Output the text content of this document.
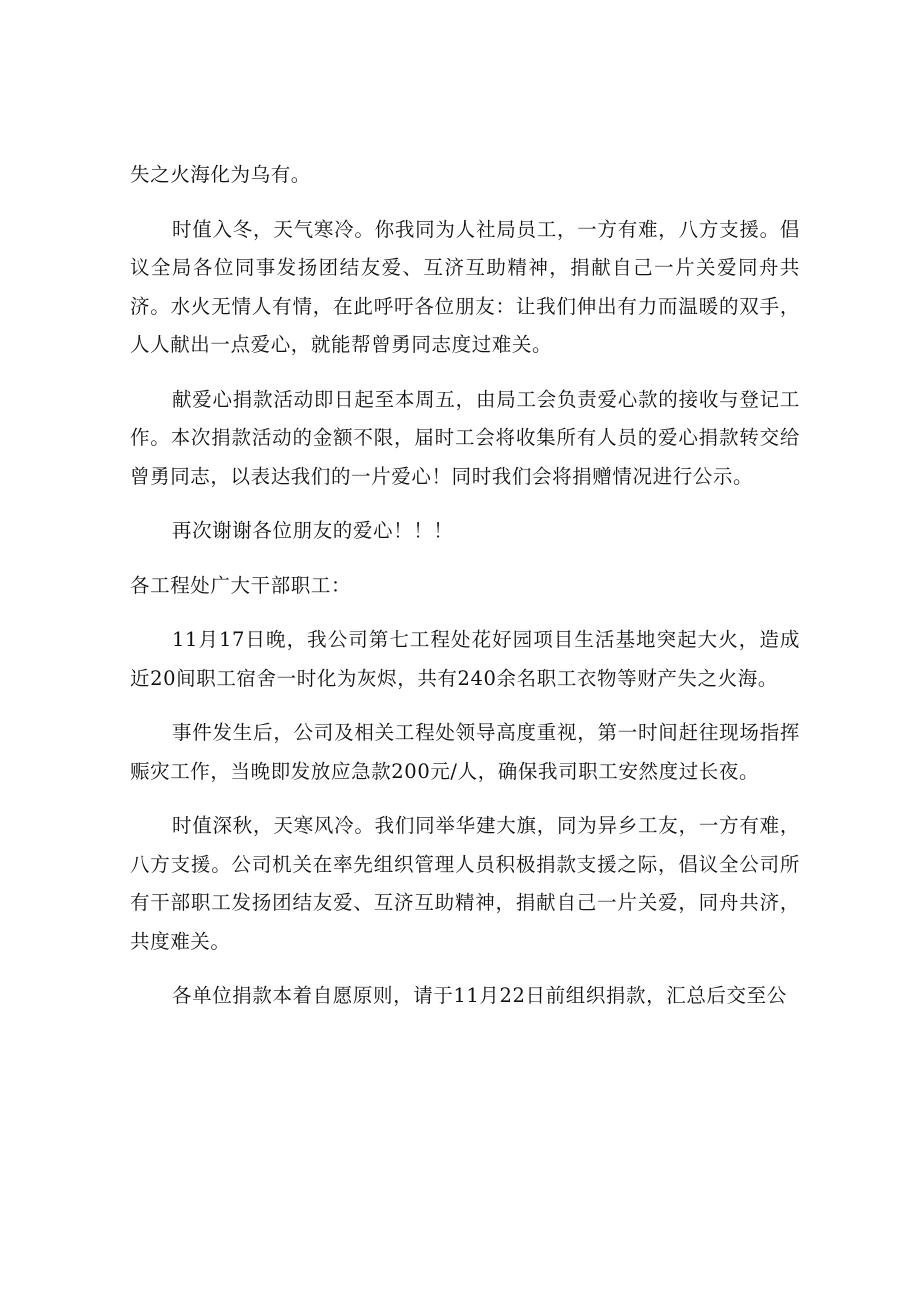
失之火海化为乌有。

时值入冬，天气寒冷。你我同为人社局员工，一方有难，八方支援。倡议全局各位同事发扬团结友爱、互济互助精神，捐献自己一片关爱同舟共济。水火无情人有情，在此呼吁各位朋友：让我们伸出有力而温暖的双手，人人献出一点爱心，就能帮曾勇同志度过难关。

献爱心捐款活动即日起至本周五，由局工会负责爱心款的接收与登记工作。本次捐款活动的金额不限，届时工会将收集所有人员的爱心捐款转交给曾勇同志，以表达我们的一片爱心！同时我们会将捐赠情况进行公示。

再次谢谢各位朋友的爱心！！！

各工程处广大干部职工：

11月17日晚，我公司第七工程处花好园项目生活基地突起大火，造成近20间职工宿舍一时化为灰烬，共有240余名职工衣物等财产失之火海。

事件发生后，公司及相关工程处领导高度重视，第一时间赶往现场指挥赈灾工作，当晚即发放应急款200元/人，确保我司职工安然度过长夜。

时值深秋，天寒风冷。我们同举华建大旗，同为异乡工友，一方有难，八方支援。公司机关在率先组织管理人员积极捐款支援之际，倡议全公司所有干部职工发扬团结友爱、互济互助精神，捐献自己一片关爱，同舟共济，共度难关。

各单位捐款本着自愿原则，请于11月22日前组织捐款，汇总后交至公
